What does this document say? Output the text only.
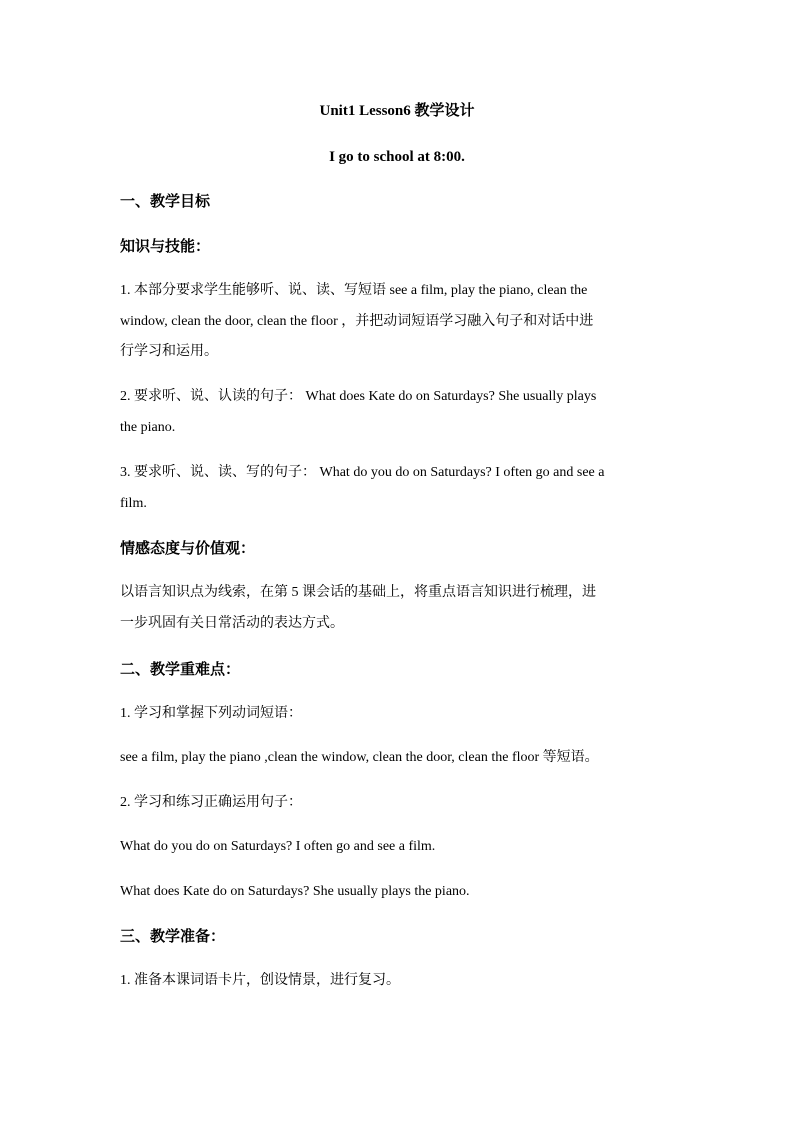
Unit1 Lesson6 教学设计
I go to school at 8:00.
一、教学目标
知识与技能：
1. 本部分要求学生能够听、说、读、写短语 see a film, play the piano, clean the
window, clean the door, clean the floor ，并把动词短语学习融入句子和对话中进
行学习和运用。
2. 要求听、说、认读的句子： What does Kate do on Saturdays? She usually plays
the piano.
3. 要求听、说、读、写的句子： What do you do on Saturdays? I often go and see a
film.
情感态度与价值观：
以语言知识点为线索，在第 5 课会话的基础上，将重点语言知识进行梳理，进
一步巩固有关日常活动的表达方式。
二、教学重难点：
1. 学习和掌握下列动词短语：
see a film, play the piano ,clean the window, clean the door, clean the floor 等短语。
2. 学习和练习正确运用句子：
What do you do on Saturdays? I often go and see a film.
What does Kate do on Saturdays? She usually plays the piano.
三、教学准备：
1. 准备本课词语卡片，创设情景，进行复习。
